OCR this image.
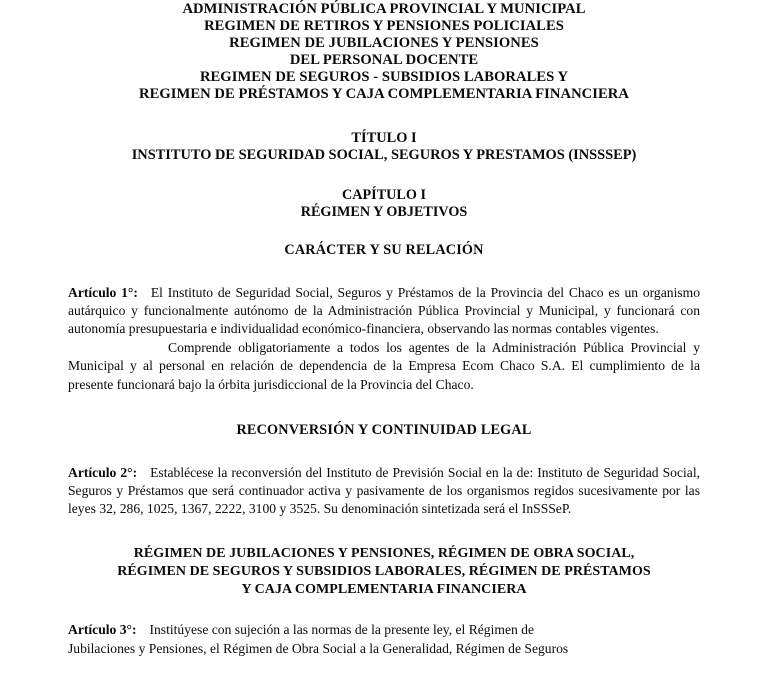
ADMINISTRACIÓN PÚBLICA PROVINCIAL Y MUNICIPAL
REGIMEN DE RETIROS Y PENSIONES POLICIALES
REGIMEN DE JUBILACIONES Y PENSIONES
DEL PERSONAL DOCENTE
REGIMEN DE SEGUROS - SUBSIDIOS LABORALES Y
REGIMEN DE PRÉSTAMOS Y CAJA COMPLEMENTARIA FINANCIERA
TÍTULO I
INSTITUTO DE SEGURIDAD SOCIAL, SEGUROS Y PRESTAMOS (INSSSEP)
CAPÍTULO I
RÉGIMEN Y OBJETIVOS
CARÁCTER Y SU RELACIÓN

Artículo 1°: El Instituto de Seguridad Social, Seguros y Préstamos de la Provincia del Chaco es un organismo autárquico y funcionalmente autónomo de la Administración Pública Provincial y Municipal, y funcionará con autonomía presupuestaria e individualidad económico-financiera, observando las normas contables vigentes.

Comprende obligatoriamente a todos los agentes de la Administración Pública Provincial y Municipal y al personal en relación de dependencia de la Empresa Ecom Chaco S.A. El cumplimiento de la presente funcionará bajo la órbita jurisdiccional de la Provincia del Chaco.

RECONVERSIÓN Y CONTINUIDAD LEGAL

Artículo 2°: Establécese la reconversión del Instituto de Previsión Social en la de: Instituto de Seguridad Social, Seguros y Préstamos que será continuador activa y pasivamente de los organismos regidos sucesivamente por las leyes 32, 286, 1025, 1367, 2222, 3100 y 3525. Su denominación sintetizada será el InSSSeP.

RÉGIMEN DE JUBILACIONES Y PENSIONES, RÉGIMEN DE OBRA SOCIAL,
RÉGIMEN DE SEGUROS Y SUBSIDIOS LABORALES, RÉGIMEN DE PRÉSTAMOS
Y CAJA COMPLEMENTARIA FINANCIERA

Artículo 3°: Institúyese con sujeción a las normas de la presente ley, el Régimen de

Jubilaciones y Pensiones, el Régimen de Obra Social a la Generalidad, Régimen de Seguros
